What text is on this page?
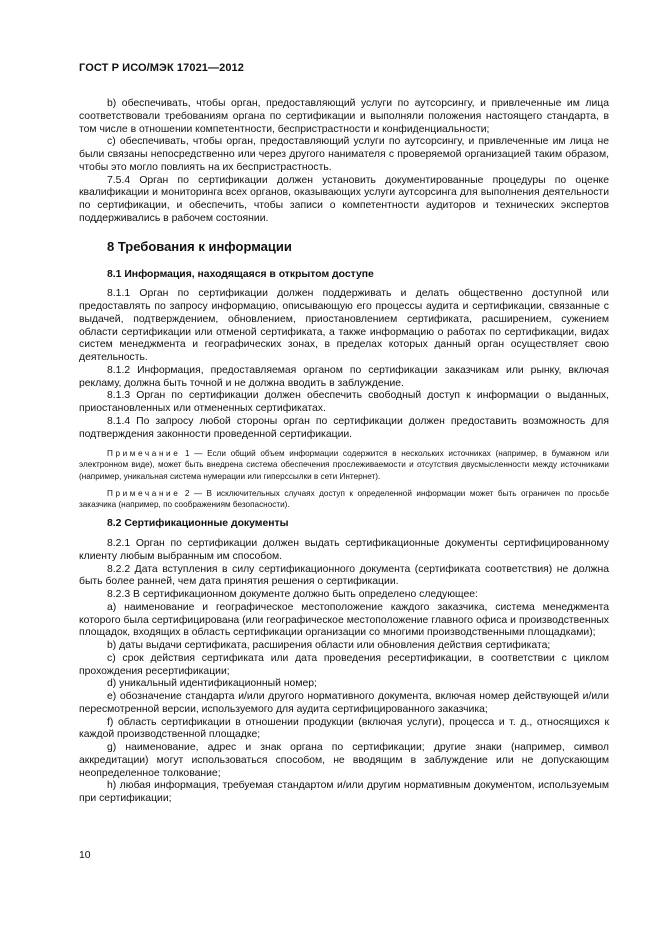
ГОСТ Р ИСО/МЭК 17021—2012

b) обеспечивать, чтобы орган, предоставляющий услуги по аутсорсингу, и привлеченные им лица соответствовали требованиям органа по сертификации и выполняли положения настоящего стандарта, в том числе в отношении компетентности, беспристрастности и конфиденциальности;

c) обеспечивать, чтобы орган, предоставляющий услуги по аутсорсингу, и привлеченные им лица не были связаны непосредственно или через другого нанимателя с проверяемой организацией таким образом, чтобы это могло повлиять на их беспристрастность.

7.5.4 Орган по сертификации должен установить документированные процедуры по оценке квалификации и мониторинга всех органов, оказывающих услуги аутсорсинга для выполнения деятельности по сертификации, и обеспечить, чтобы записи о компетентности аудиторов и технических экспертов поддерживались в рабочем состоянии.

8 Требования к информации

8.1 Информация, находящаяся в открытом доступе

8.1.1 Орган по сертификации должен поддерживать и делать общественно доступной или предоставлять по запросу информацию, описывающую его процессы аудита и сертификации, связанные с выдачей, подтверждением, обновлением, приостановлением сертификата, расширением, сужением области сертификации или отменой сертификата, а также информацию о работах по сертификации, видах систем менеджмента и географических зонах, в пределах которых данный орган осуществляет свою деятельность.

8.1.2 Информация, предоставляемая органом по сертификации заказчикам или рынку, включая рекламу, должна быть точной и не должна вводить в заблуждение.

8.1.3 Орган по сертификации должен обеспечить свободный доступ к информации о выданных, приостановленных или отмененных сертификатах.

8.1.4 По запросу любой стороны орган по сертификации должен предоставить возможность для подтверждения законности проведенной сертификации.

Примечание 1 — Если общий объем информации содержится в нескольких источниках (например, в бумажном или электронном виде), может быть внедрена система обеспечения прослеживаемости и отсутствия двусмысленности между источниками (например, уникальная система нумерации или гиперссылки в сети Интернет).

Примечание 2 — В исключительных случаях доступ к определенной информации может быть ограничен по просьбе заказчика (например, по соображениям безопасности).

8.2 Сертификационные документы

8.2.1 Орган по сертификации должен выдать сертификационные документы сертифицированному клиенту любым выбранным им способом.

8.2.2 Дата вступления в силу сертификационного документа (сертификата соответствия) не должна быть более ранней, чем дата принятия решения о сертификации.

8.2.3 В сертификационном документе должно быть определено следующее:

a) наименование и географическое местоположение каждого заказчика, система менеджмента которого была сертифицирована (или географическое местоположение главного офиса и производственных площадок, входящих в область сертификации организации со многими производственными площадками);

b) даты выдачи сертификата, расширения области или обновления действия сертификата;

c) срок действия сертификата или дата проведения ресертификации, в соответствии с циклом прохождения ресертификации;

d) уникальный идентификационный номер;

e) обозначение стандарта и/или другого нормативного документа, включая номер действующей и/или пересмотренной версии, используемого для аудита сертифицированного заказчика;

f) область сертификации в отношении продукции (включая услуги), процесса и т. д., относящихся к каждой производственной площадке;

g) наименование, адрес и знак органа по сертификации; другие знаки (например, символ аккредитации) могут использоваться способом, не вводящим в заблуждение или не допускающим неопределенное толкование;

h) любая информация, требуемая стандартом и/или другим нормативным документом, используемым при сертификации;

10
